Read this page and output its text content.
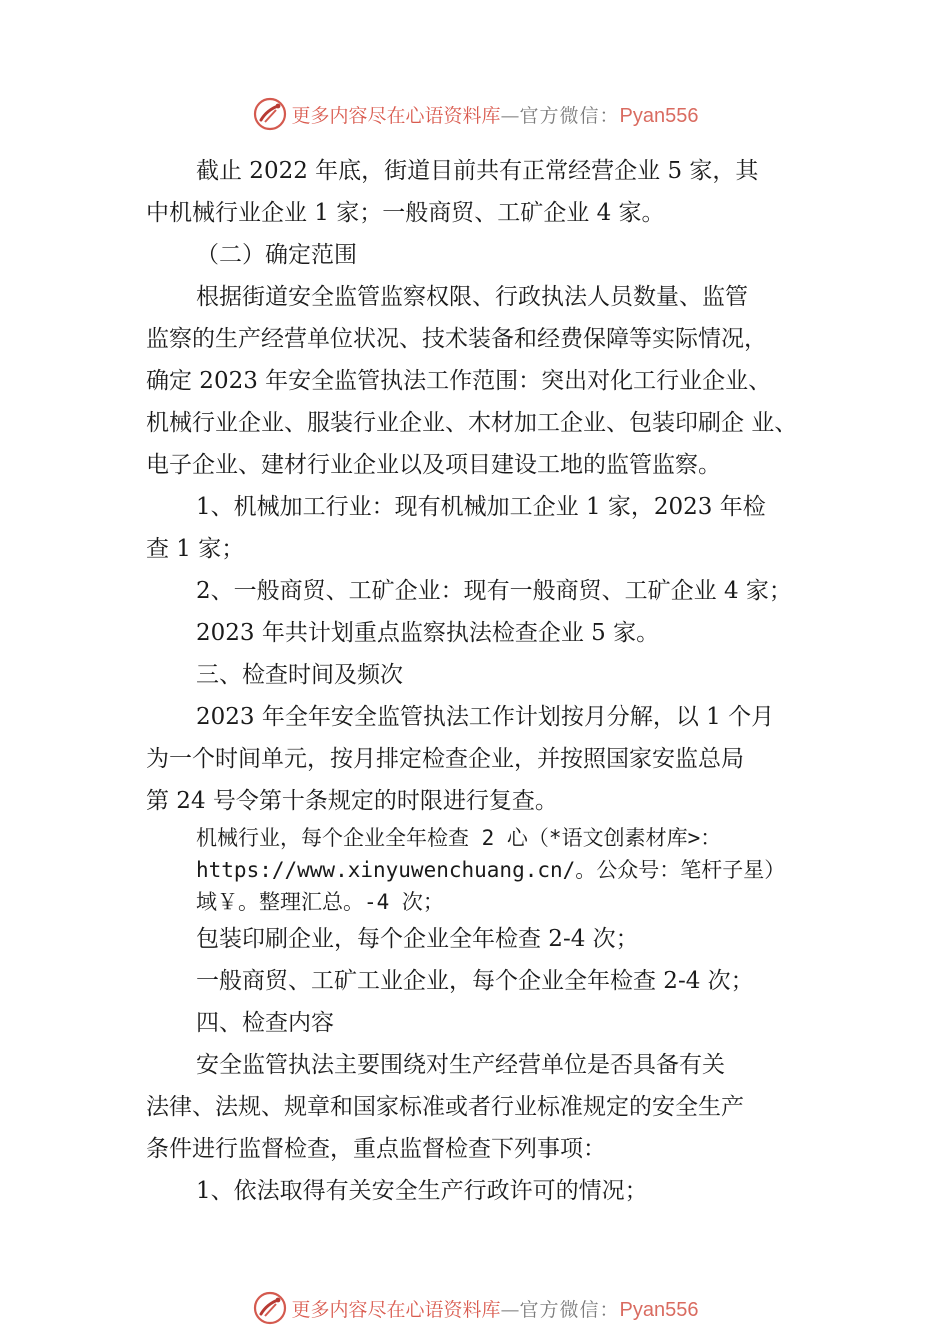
更多内容尽在心语资料库—官方微信：Pyan556

截止 2022 年底，街道目前共有正常经营企业 5 家，其

中机械行业企业 1 家；一般商贸、工矿企业 4 家。

（二）确定范围

根据街道安全监管监察权限、行政执法人员数量、监管

监察的生产经营单位状况、技术装备和经费保障等实际情况，

确定 2023 年安全监管执法工作范围：突出对化工行业企业、

机械行业企业、服装行业企业、木材加工企业、包装印刷企 业、

电子企业、建材行业企业以及项目建设工地的监管监察。

1、机械加工行业：现有机械加工企业 1 家，2023 年检

查 1 家；

2、一般商贸、工矿企业：现有一般商贸、工矿企业 4 家；

2023 年共计划重点监察执法检查企业 5 家。

三、检查时间及频次

2023 年全年安全监管执法工作计划按月分解，以 1 个月

为一个时间单元，按月排定检查企业，并按照国家安监总局

第 24 号令第十条规定的时限进行复查。

机械行业，每个企业全年检查 2 心（*语文创素材库>：

https://www.xinyuwenchuang.cn/。公众号：笔杆子星）

域￥。整理汇总。-4 次；

包装印刷企业，每个企业全年检查 2-4 次；

一般商贸、工矿工业企业，每个企业全年检查 2-4 次；

四、检查内容

安全监管执法主要围绕对生产经营单位是否具备有关

法律、法规、规章和国家标准或者行业标准规定的安全生产

条件进行监督检查，重点监督检查下列事项：

1、依法取得有关安全生产行政许可的情况；

更多内容尽在心语资料库—官方微信：Pyan556
